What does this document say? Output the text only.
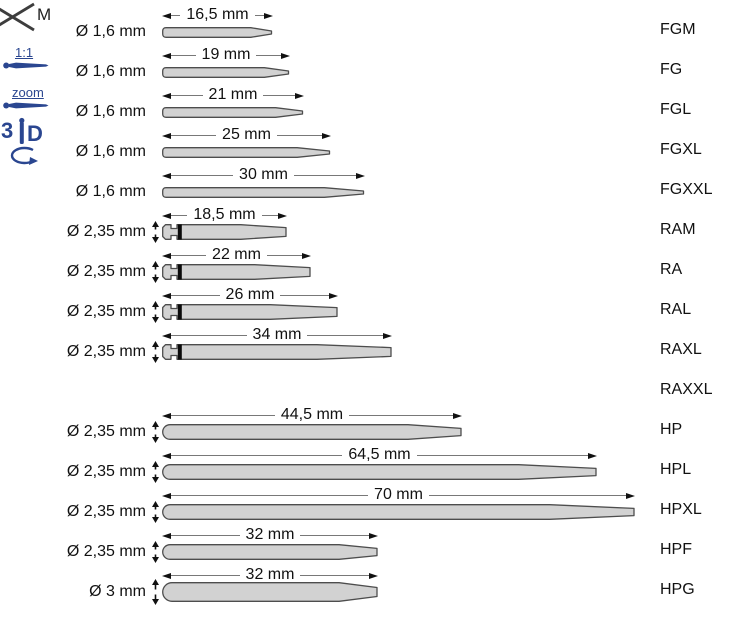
M
1:1
zoom
3 D
Ø 1,6 mm
16,5 mm
FGM
Ø 1,6 mm
19 mm
FG
Ø 1,6 mm
21 mm
FGL
Ø 1,6 mm
25 mm
FGXL
Ø 1,6 mm
30 mm
FGXXL
Ø 2,35 mm
18,5 mm
RAM
Ø 2,35 mm
22 mm
RA
Ø 2,35 mm
26 mm
RAL
Ø 2,35 mm
34 mm
RAXL
RAXXL
Ø 2,35 mm
44,5 mm
HP
Ø 2,35 mm
64,5 mm
HPL
Ø 2,35 mm
70 mm
HPXL
Ø 2,35 mm
32 mm
HPF
Ø 3 mm
32 mm
HPG
